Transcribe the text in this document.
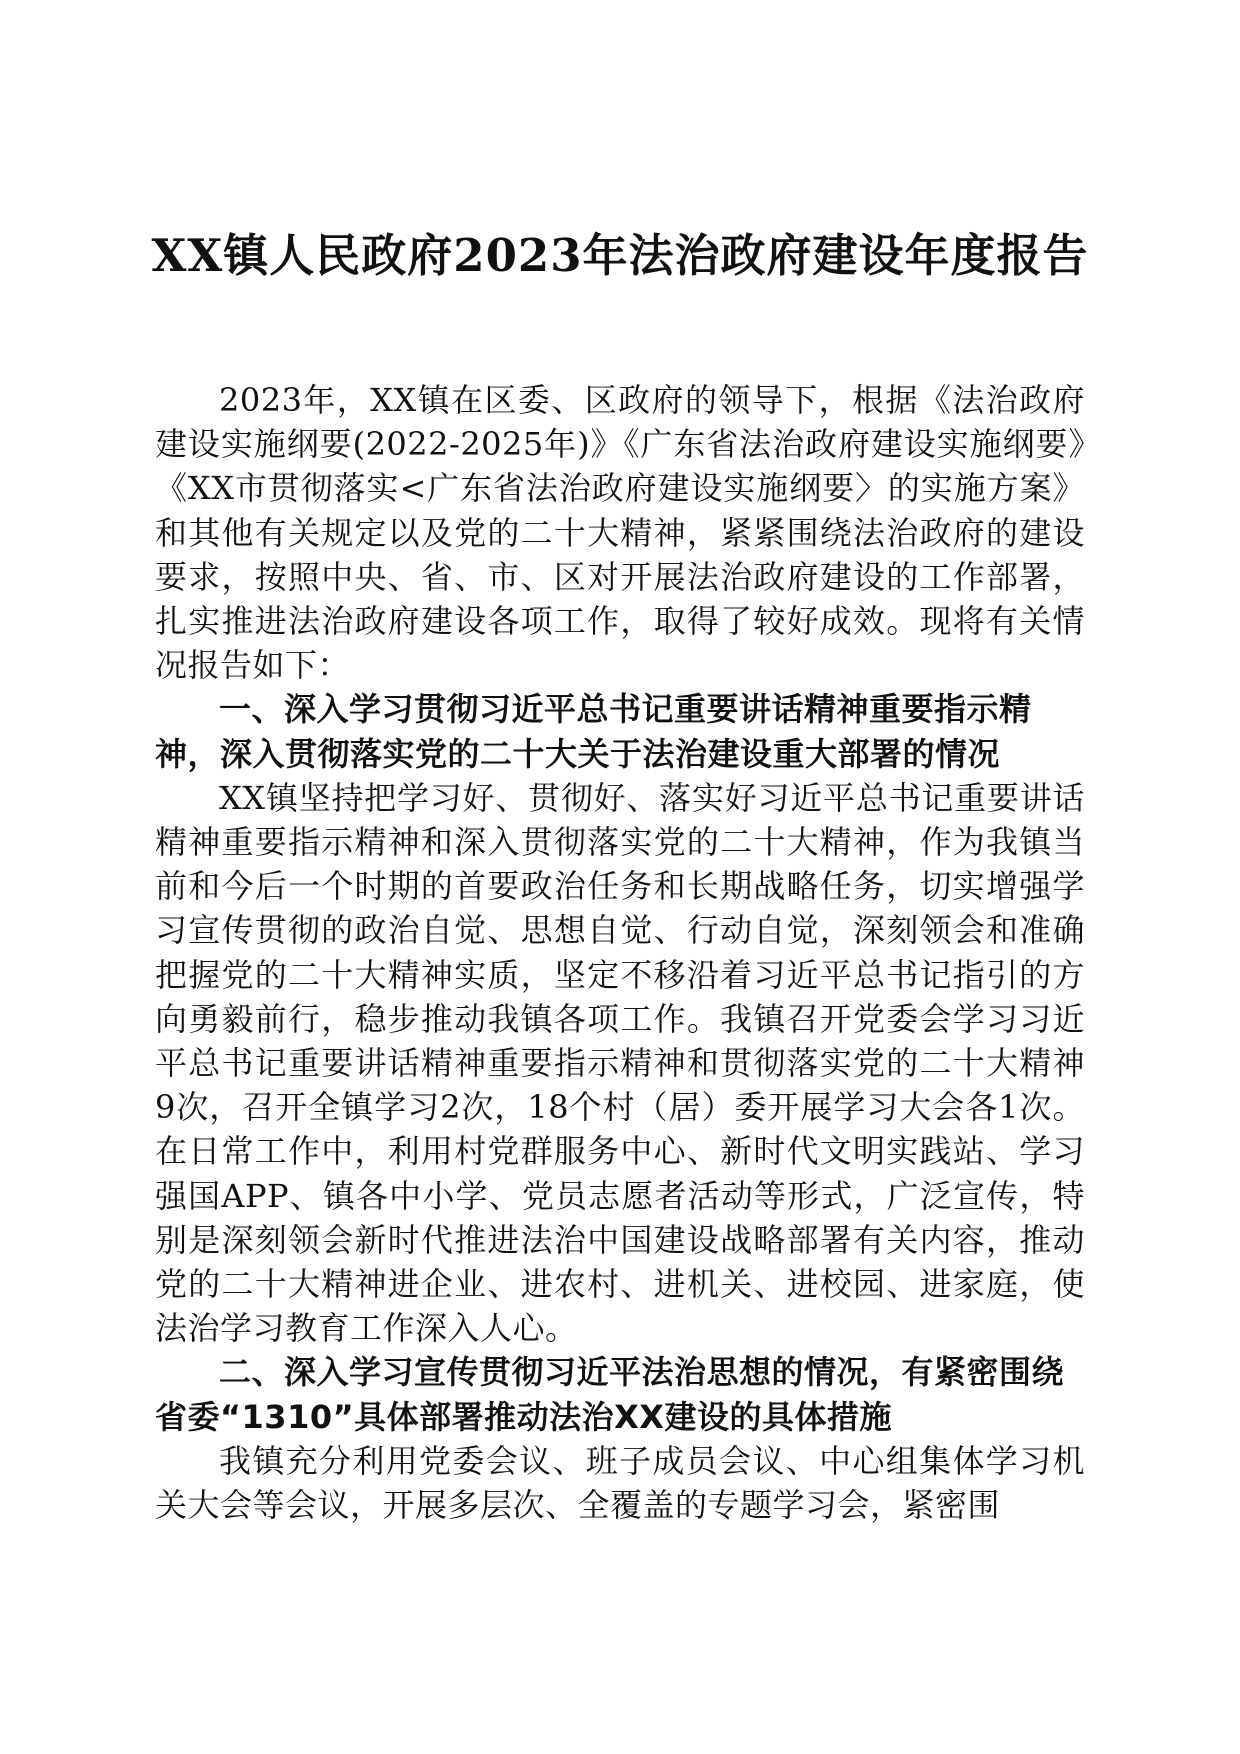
XX镇人民政府2023年法治政府建设年度报告

2023年，XX镇在区委、区政府的领导下，根据《法治政府建设实施纲要(2022-2025年)》《广东省法治政府建设实施纲要》《XX市贯彻落实<广东省法治政府建设实施纲要〉的实施方案》和其他有关规定以及党的二十大精神，紧紧围绕法治政府的建设要求，按照中央、省、市、区对开展法治政府建设的工作部署，扎实推进法治政府建设各项工作，取得了较好成效。现将有关情况报告如下：

一、深入学习贯彻习近平总书记重要讲话精神重要指示精神，深入贯彻落实党的二十大关于法治建设重大部署的情况

XX镇坚持把学习好、贯彻好、落实好习近平总书记重要讲话精神重要指示精神和深入贯彻落实党的二十大精神，作为我镇当前和今后一个时期的首要政治任务和长期战略任务，切实增强学习宣传贯彻的政治自觉、思想自觉、行动自觉，深刻领会和准确把握党的二十大精神实质，坚定不移沿着习近平总书记指引的方向勇毅前行，稳步推动我镇各项工作。我镇召开党委会学习习近平总书记重要讲话精神重要指示精神和贯彻落实党的二十大精神9次，召开全镇学习2次，18个村（居）委开展学习大会各1次。在日常工作中，利用村党群服务中心、新时代文明实践站、学习强国APP、镇各中小学、党员志愿者活动等形式，广泛宣传，特别是深刻领会新时代推进法治中国建设战略部署有关内容，推动党的二十大精神进企业、进农村、进机关、进校园、进家庭，使法治学习教育工作深入人心。

二、深入学习宣传贯彻习近平法治思想的情况，有紧密围绕省委“1310”具体部署推动法治XX建设的具体措施

我镇充分利用党委会议、班子成员会议、中心组集体学习机关大会等会议，开展多层次、全覆盖的专题学习会，紧密围
